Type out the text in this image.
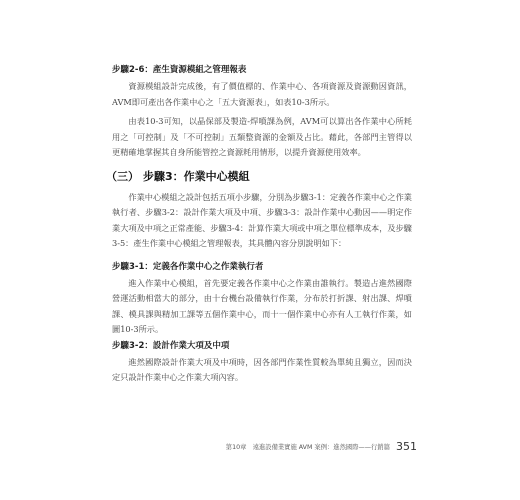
步驟2-6：產生資源模組之管理報表

資源模組設計完成後，有了價值標的、作業中心、各項資源及資源動因資訊，AVM即可產出各作業中心之「五大資源表」，如表10-3所示。

由表10-3可知，以晶保部及製造-焊噴課為例，AVM可以算出各作業中心所耗用之「可控制」及「不可控制」五類整資源的金額及占比。藉此，各部門主管得以更精確地掌握其自身所能管控之資源耗用情形，以提升資源使用效率。

（三） 步驟3：作業中心模組

作業中心模組之設計包括五項小步驟，分別為步驟3-1：定義各作業中心之作業執行者、步驟3-2：設計作業大項及中項、步驟3-3：設計作業中心動因——明定作業大項及中項之正常產能、步驟3-4：計算作業大項或中項之單位標準成本，及步驟3-5：產生作業中心模組之管理報表，其具體內容分別說明如下：

步驟3-1：定義各作業中心之作業執行者

進入作業中心模組，首先要定義各作業中心之作業由誰執行。製造占進然國際營運活動相當大的部分，由十台機台設備執行作業，分布於打折課、射出課、焊噴課、模具課與精加工課等五個作業中心，而十一個作業中心亦有人工執行作業，如圖10-3所示。

步驟3-2：設計作業大項及中項

進然國際設計作業大項及中項時，因各部門作業性質較為單純且獨立，因而決定只設計作業中心之作業大項內容。

第10章　遠進設備業實施 AVM 案例：進然國際——行銷篇 351
